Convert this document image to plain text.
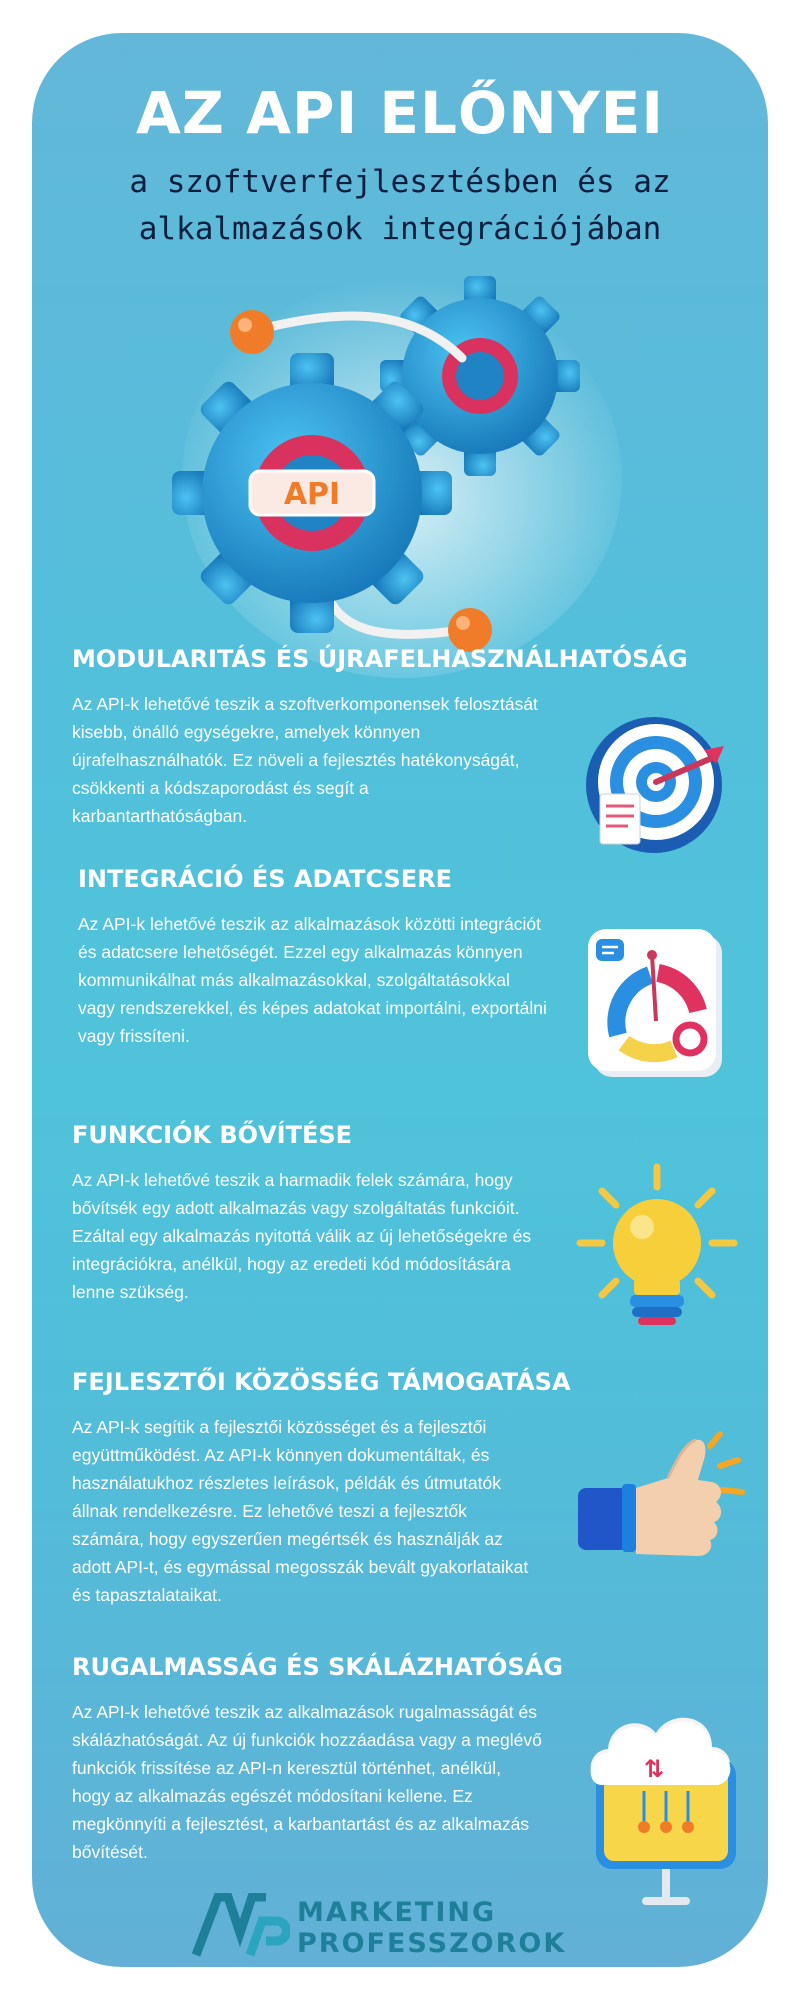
AZ API ELŐNYEI

a szoftverfejlesztésben és az
alkalmazások integrációjában

API
MODULARITÁS ÉS ÚJRAFELHASZNÁLHATÓSÁG

Az API-k lehetővé teszik a szoftverkomponensek felosztását kisebb, önálló egységekre, amelyek könnyen újrafelhasználhatók. Ez növeli a fejlesztés hatékonyságát, csökkenti a kódszaporodást és segít a karbantarthatóságban.

INTEGRÁCIÓ ÉS ADATCSERE

Az API-k lehetővé teszik az alkalmazások közötti integrációt és adatcsere lehetőségét. Ezzel egy alkalmazás könnyen kommunikálhat más alkalmazásokkal, szolgáltatásokkal vagy rendszerekkel, és képes adatokat importálni, exportálni vagy frissíteni.

FUNKCIÓK BŐVÍTÉSE

Az API-k lehetővé teszik a harmadik felek számára, hogy bővítsék egy adott alkalmazás vagy szolgáltatás funkcióit. Ezáltal egy alkalmazás nyitottá válik az új lehetőségekre és integrációkra, anélkül, hogy az eredeti kód módosítására lenne szükség.

FEJLESZTŐI KÖZÖSSÉG TÁMOGATÁSA

Az API-k segítik a fejlesztői közösséget és a fejlesztői együttműködést. Az API-k könnyen dokumentáltak, és használatukhoz részletes leírások, példák és útmutatók állnak rendelkezésre. Ez lehetővé teszi a fejlesztők számára, hogy egyszerűen megértsék és használják az adott API-t, és egymással megosszák bevált gyakorlataikat és tapasztalataikat.

RUGALMASSÁG ÉS SKÁLÁZHATÓSÁG

Az API-k lehetővé teszik az alkalmazások rugalmasságát és skálázhatóságát. Az új funkciók hozzáadása vagy a meglévő funkciók frissítése az API-n keresztül történhet, anélkül, hogy az alkalmazás egészét módosítani kellene. Ez megkönnyíti a fejlesztést, a karbantartást és az alkalmazás bővítését.

⇅
MARKETING
PROFESSZOROK
